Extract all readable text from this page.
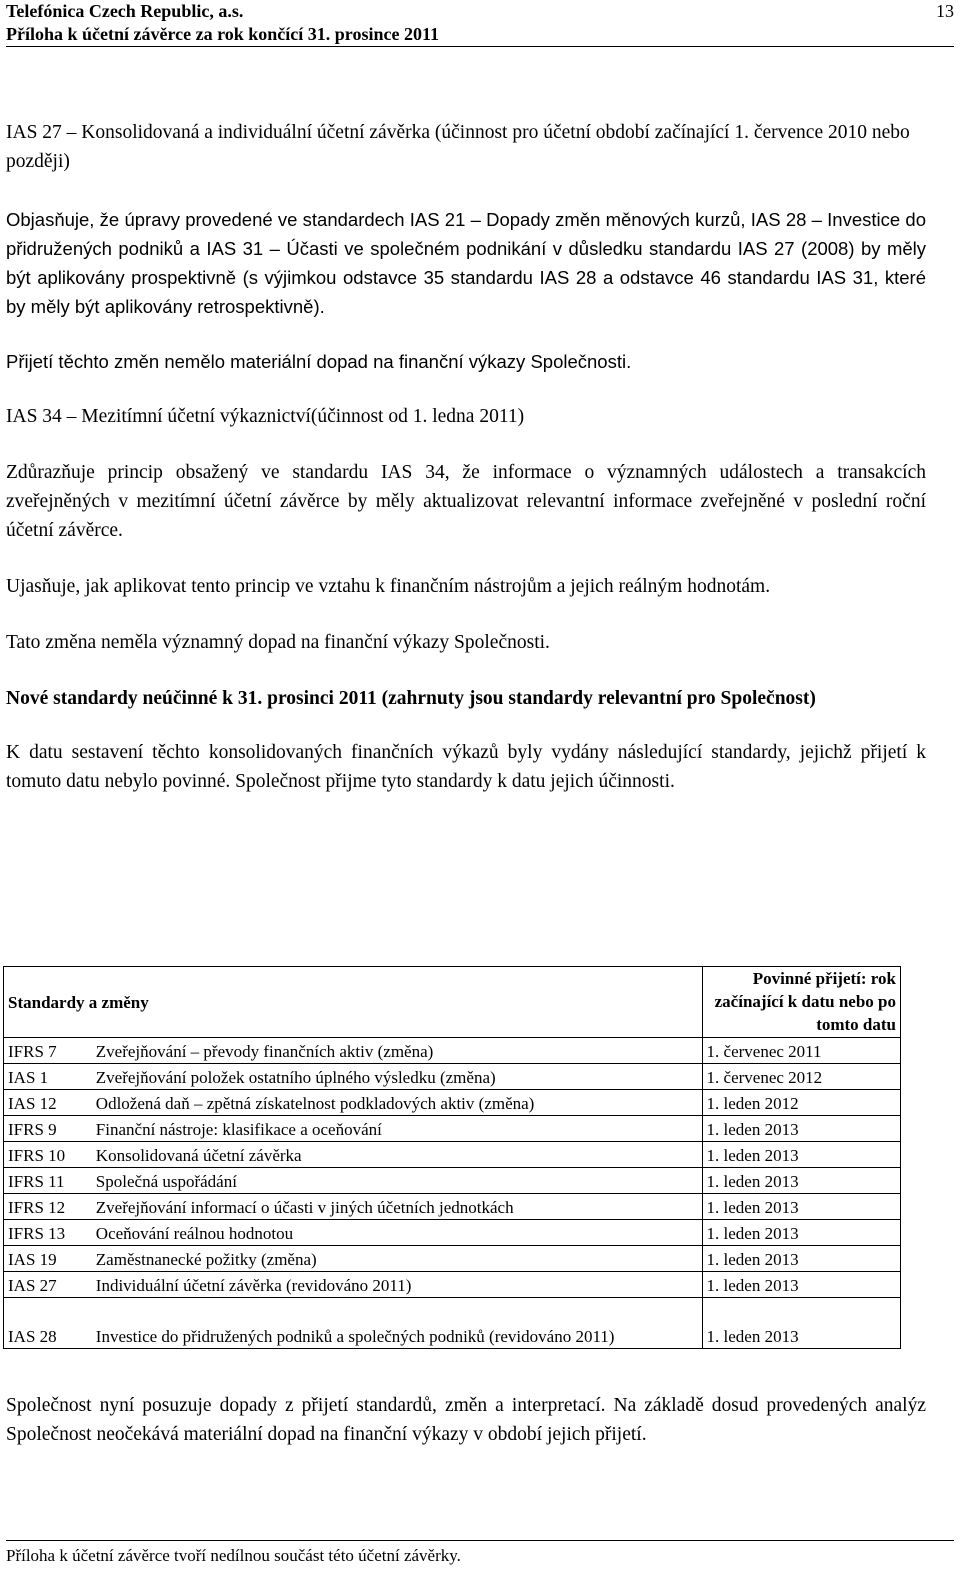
Telefónica Czech Republic, a.s.
Příloha k účetní závěrce za rok končící 31. prosince 2011
13

IAS 27 – Konsolidovaná a individuální účetní závěrka (účinnost pro účetní období začínající 1. července 2010 nebo později)

Objasňuje, že úpravy provedené ve standardech IAS 21 – Dopady změn měnových kurzů, IAS 28 – Investice do přidružených podniků a IAS 31 – Účasti ve společném podnikání v důsledku standardu IAS 27 (2008) by měly být aplikovány prospektivně (s výjimkou odstavce 35 standardu IAS 28 a odstavce 46 standardu IAS 31, které by měly být aplikovány retrospektivně).

Přijetí těchto změn nemělo materiální dopad na finanční výkazy Společnosti.

IAS 34 – Mezitímní účetní výkaznictví(účinnost od 1. ledna 2011)

Zdůrazňuje princip obsažený ve standardu IAS 34, že informace o významných událostech a transakcích zveřejněných v mezitímní účetní závěrce by měly aktualizovat relevantní informace zveřejněné v poslední roční účetní závěrce.

Ujasňuje, jak aplikovat tento princip ve vztahu k finančním nástrojům a jejich reálným hodnotám.

Tato změna neměla významný dopad na finanční výkazy Společnosti.

Nové standardy neúčinné k 31. prosinci 2011 (zahrnuty jsou standardy relevantní pro Společnost)

K datu sestavení těchto konsolidovaných finančních výkazů byly vydány následující standardy, jejichž přijetí k tomuto datu nebylo povinné. Společnost přijme tyto standardy k datu jejich účinnosti.

Standardy a změny		Povinné přijetí: rok začínající k datu nebo po tomto datu
IFRS 7	Zveřejňování – převody finančních aktiv (změna)	1. červenec 2011
IAS 1	Zveřejňování položek ostatního úplného výsledku (změna)	1. červenec 2012
IAS 12	Odložená daň – zpětná získatelnost podkladových aktiv (změna)	1. leden 2012
IFRS 9	Finanční nástroje: klasifikace a oceňování	1. leden 2013
IFRS 10	Konsolidovaná účetní závěrka	1. leden 2013
IFRS 11	Společná uspořádání	1. leden 2013
IFRS 12	Zveřejňování informací o účasti v jiných účetních jednotkách	1. leden 2013
IFRS 13	Oceňování reálnou hodnotou	1. leden 2013
IAS 19	Zaměstnanecké požitky (změna)	1. leden 2013
IAS 27	Individuální účetní závěrka (revidováno 2011)	1. leden 2013
IAS 28	Investice do přidružených podniků a společných podniků (revidováno 2011)	1. leden 2013

Společnost nyní posuzuje dopady z přijetí standardů, změn a interpretací. Na základě dosud provedených analýz Společnost neočekává materiální dopad na finanční výkazy v období jejich přijetí.

Příloha k účetní závěrce tvoří nedílnou součást této účetní závěrky.
